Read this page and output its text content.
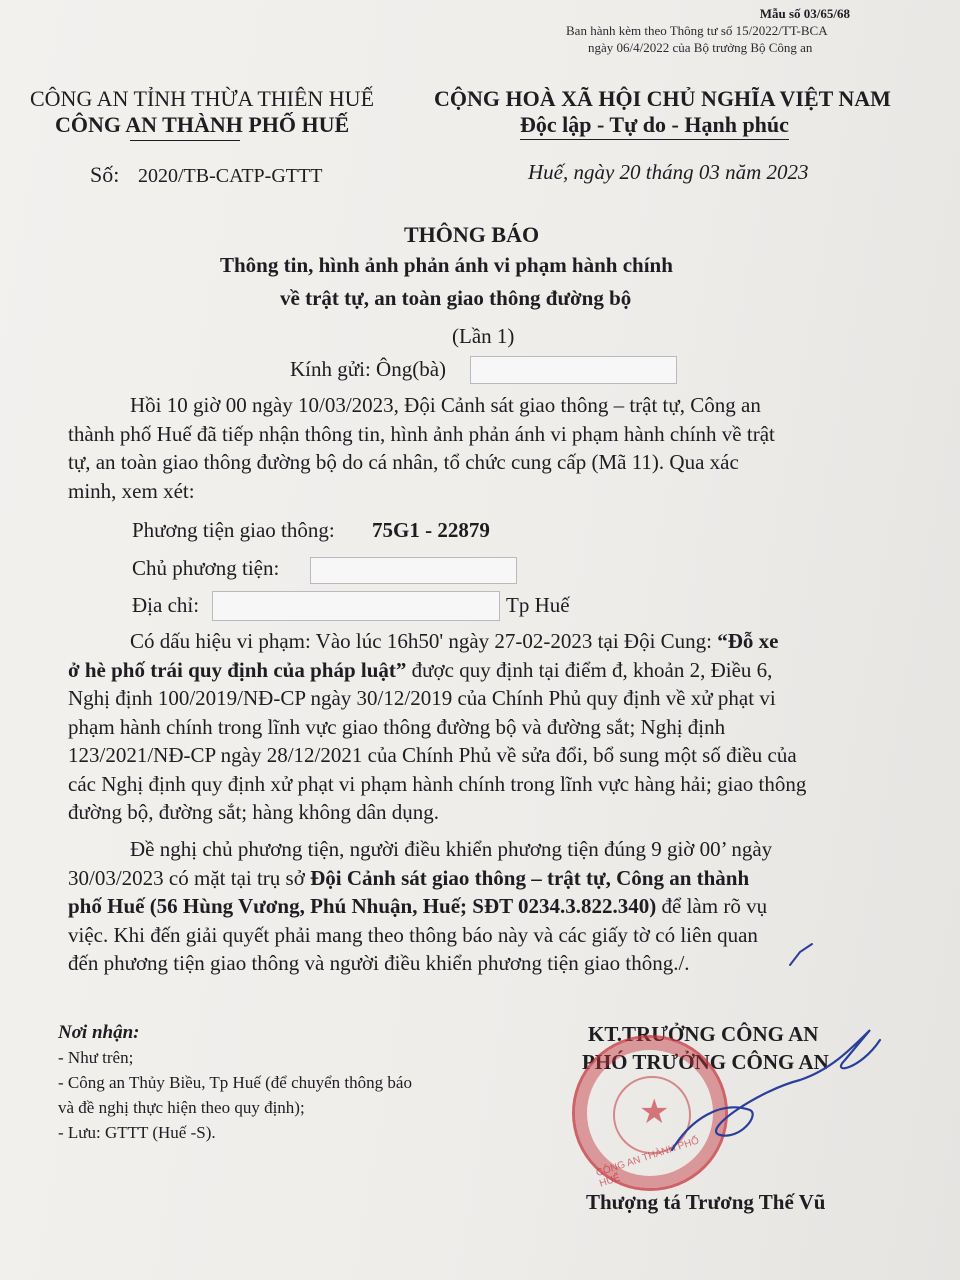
Mẫu số 03/65/68
Ban hành kèm theo Thông tư số 15/2022/TT-BCA
ngày 06/4/2022 của Bộ trưởng Bộ Công an
CÔNG AN TỈNH THỪA THIÊN HUẾ
CÔNG AN THÀNH PHỐ HUẾ
CỘNG HOÀ XÃ HỘI CHỦ NGHĨA VIỆT NAM
Độc lập - Tự do - Hạnh phúc
Số: 2020/TB-CATP-GTTT	Huế, ngày 20 tháng 03 năm 2023
THÔNG BÁO
Thông tin, hình ảnh phản ánh vi phạm hành chính
về trật tự, an toàn giao thông đường bộ
(Lần 1)
Kính gửi: Ông(bà)
Hồi 10 giờ 00 ngày 10/03/2023, Đội Cảnh sát giao thông – trật tự, Công an
thành phố Huế đã tiếp nhận thông tin, hình ảnh phản ánh vi phạm hành chính về trật
tự, an toàn giao thông đường bộ do cá nhân, tổ chức cung cấp (Mã 11). Qua xác
minh, xem xét:
Phương tiện giao thông: 75G1 - 22879
Chủ phương tiện:
Địa chỉ:	Tp Huế
Có dấu hiệu vi phạm: Vào lúc 16h50' ngày 27-02-2023 tại Đội Cung: “Đỗ xe
ở hè phố trái quy định của pháp luật” được quy định tại điểm đ, khoản 2, Điều 6,
Nghị định 100/2019/NĐ-CP ngày 30/12/2019 của Chính Phủ quy định về xử phạt vi
phạm hành chính trong lĩnh vực giao thông đường bộ và đường sắt; Nghị định
123/2021/NĐ-CP ngày 28/12/2021 của Chính Phủ về sửa đổi, bổ sung một số điều của
các Nghị định quy định xử phạt vi phạm hành chính trong lĩnh vực hàng hải; giao thông
đường bộ, đường sắt; hàng không dân dụng.
Đề nghị chủ phương tiện, người điều khiển phương tiện đúng 9 giờ 00’ ngày
30/03/2023 có mặt tại trụ sở Đội Cảnh sát giao thông – trật tự, Công an thành
phố Huế (56 Hùng Vương, Phú Nhuận, Huế; SĐT 0234.3.822.340) để làm rõ vụ
việc. Khi đến giải quyết phải mang theo thông báo này và các giấy tờ có liên quan
đến phương tiện giao thông và người điều khiển phương tiện giao thông./.
Nơi nhận:
- Như trên;
- Công an Thủy Biều, Tp Huế (để chuyển thông báo
và đề nghị thực hiện theo quy định);
- Lưu: GTTT (Huế -S).
KT.TRƯỞNG CÔNG AN
PHÓ TRƯỞNG CÔNG AN
★
CÔNG AN THÀNH PHỐ HUẾ
Thượng tá Trương Thế Vũ
